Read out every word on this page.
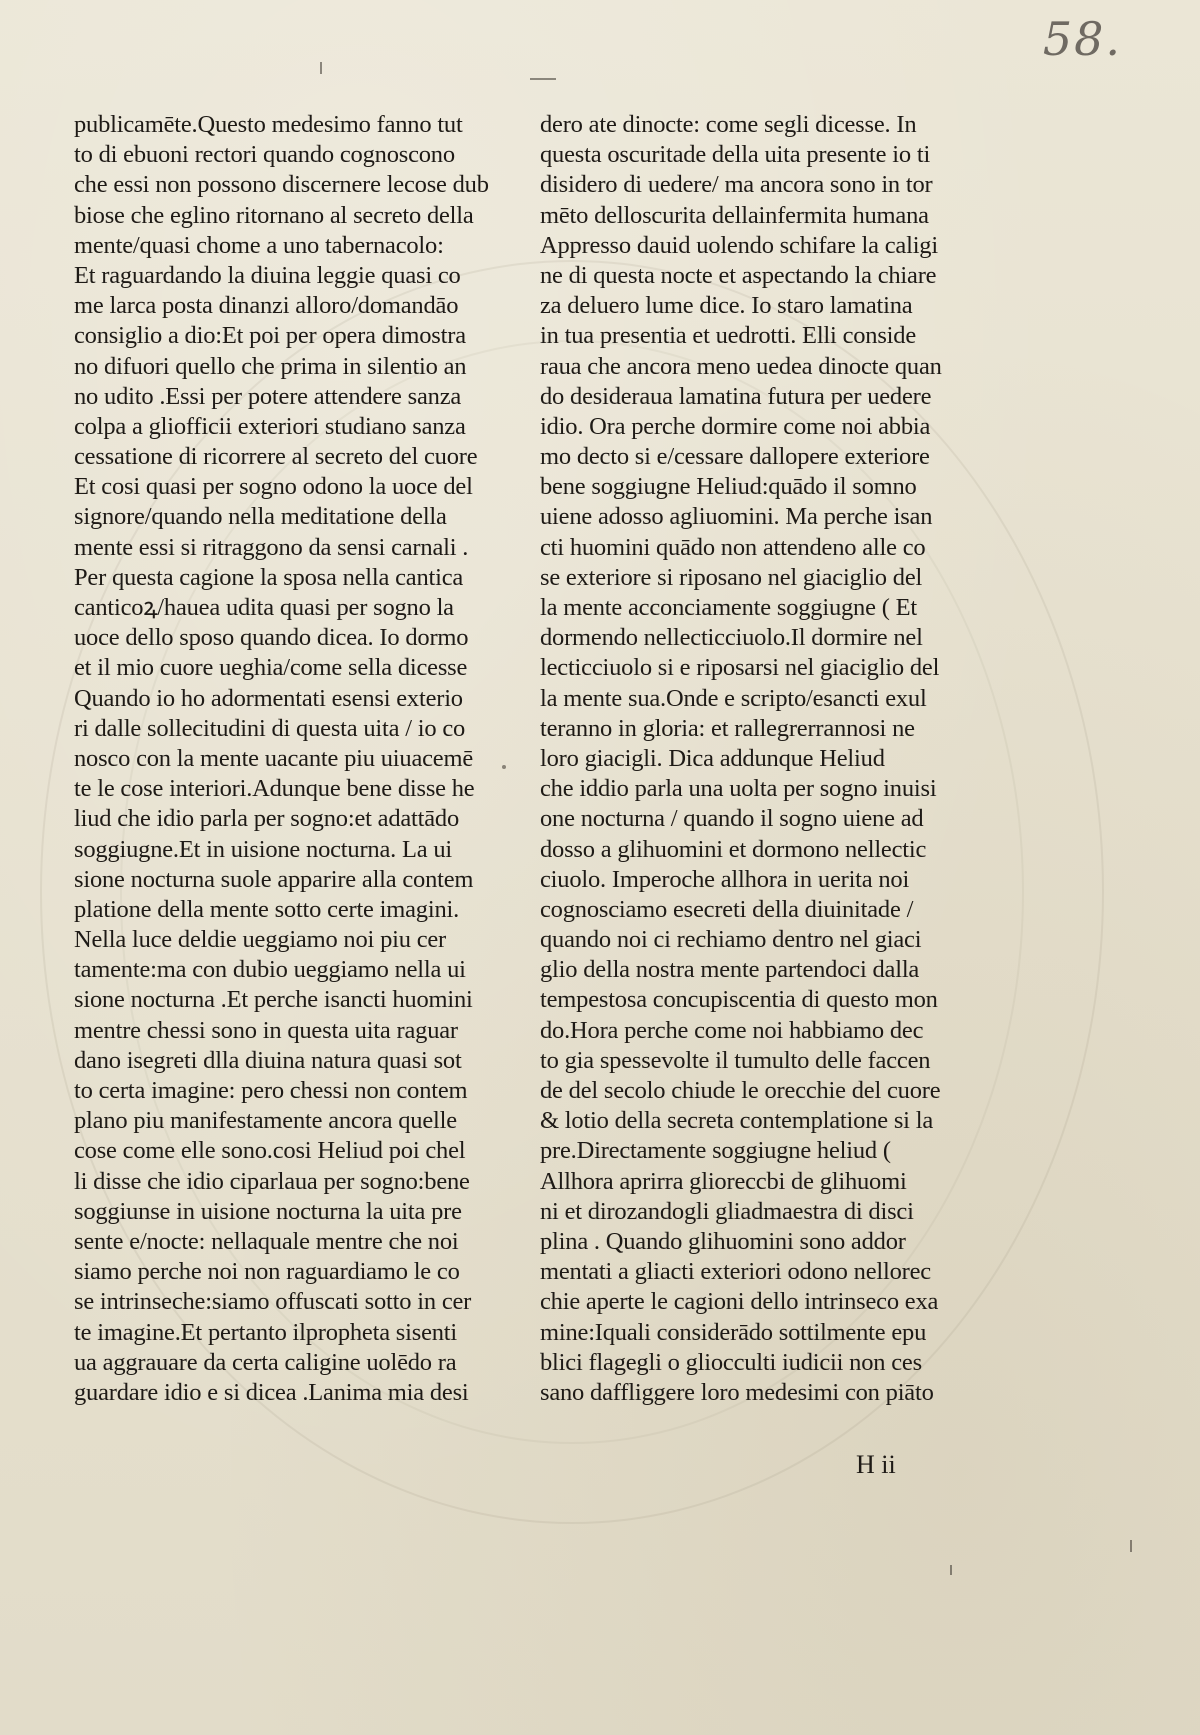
58.
publicamēte.Questo medesimo fanno tut
to di ebuoni rectori quando cognoscono
che essi non possono discernere lecose dub
biose che eglino ritornano al secreto della
mente/quasi chome a uno tabernacolo:
Et raguardando la diuina leggie quasi co
me larca posta dinanzi alloro/domandāo
consiglio a dio:Et poi per opera dimostra
no difuori quello che prima in silentio an
no udito .Essi per potere attendere sanza
colpa a gliofficii exteriori studiano sanza
cessatione di ricorrere al secreto del cuore
Et cosi quasi per sogno odono la uoce del
signore/quando nella meditatione della
mente essi si ritraggono da sensi carnali .
Per questa cagione la sposa nella cantica
canticoꝝ/hauea udita quasi per sogno la
uoce dello sposo quando dicea. Io dormo
et il mio cuore ueghia/come sella dicesse
Quando io ho adormentati esensi exterio
ri dalle sollecitudini di questa uita / io co
nosco con la mente uacante piu uiuacemē
te le cose interiori.Adunque bene disse he
liud che idio parla per sogno:et adattādo
soggiugne.Et in uisione nocturna. La ui
sione nocturna suole apparire alla contem
platione della mente sotto certe imagini.
Nella luce deldie ueggiamo noi piu cer
tamente:ma con dubio ueggiamo nella ui
sione nocturna .Et perche isancti huomini
mentre chessi sono in questa uita raguar
dano isegreti dlla diuina natura quasi sot
to certa imagine: pero chessi non contem
plano piu manifestamente ancora quelle
cose come elle sono.cosi Heliud poi chel
li disse che idio ciparlaua per sogno:bene
soggiunse in uisione nocturna la uita pre
sente e/nocte: nellaquale mentre che noi
siamo perche noi non raguardiamo le co
se intrinseche:siamo offuscati sotto in cer
te imagine.Et pertanto ilpropheta sisenti
ua aggrauare da certa caligine uolēdo ra
guardare idio e si dicea .Lanima mia desi
dero ate dinocte: come segli dicesse. In
questa oscuritade della uita presente io ti
disidero di uedere/ ma ancora sono in tor
mēto delloscurita dellainfermita humana
Appresso dauid uolendo schifare la caligi
ne di questa nocte et aspectando la chiare
za deluero lume dice. Io staro lamatina
in tua presentia et uedrotti. Elli conside
raua che ancora meno uedea dinocte quan
do desideraua lamatina futura per uedere
idio. Ora perche dormire come noi abbia
mo decto si e/cessare dallopere exteriore
bene soggiugne Heliud:quādo il somno
uiene adosso agliuomini. Ma perche isan
cti huomini quādo non attendeno alle co
se exteriore si riposano nel giaciglio del
la mente acconciamente soggiugne ( Et
dormendo nellecticciuolo.Il dormire nel
lecticciuolo si e riposarsi nel giaciglio del
la mente sua.Onde e scripto/esancti exul
teranno in gloria: et rallegrerrannosi ne
loro giacigli. Dica addunque Heliud
che iddio parla una uolta per sogno inuisi
one nocturna / quando il sogno uiene ad
dosso a glihuomini et dormono nellectic
ciuolo. Imperoche allhora in uerita noi
cognosciamo esecreti della diuinitade /
quando noi ci rechiamo dentro nel giaci
glio della nostra mente partendoci dalla
tempestosa concupiscentia di questo mon
do.Hora perche come noi habbiamo dec
to gia spessevolte il tumulto delle faccen
de del secolo chiude le orecchie del cuore
& lotio della secreta contemplatione si la
pre.Directamente soggiugne heliud (
Allhora aprirra glioreccbi de glihuomi
ni et dirozandogli gliadmaestra di disci
plina . Quando glihuomini sono addor
mentati a gliacti exteriori odono nellorec
chie aperte le cagioni dello intrinseco exa
mine:Iquali considerādo sottilmente epu
blici flagegli o gliocculti iudicii non ces
sano daffliggere loro medesimi con piāto
H ii
